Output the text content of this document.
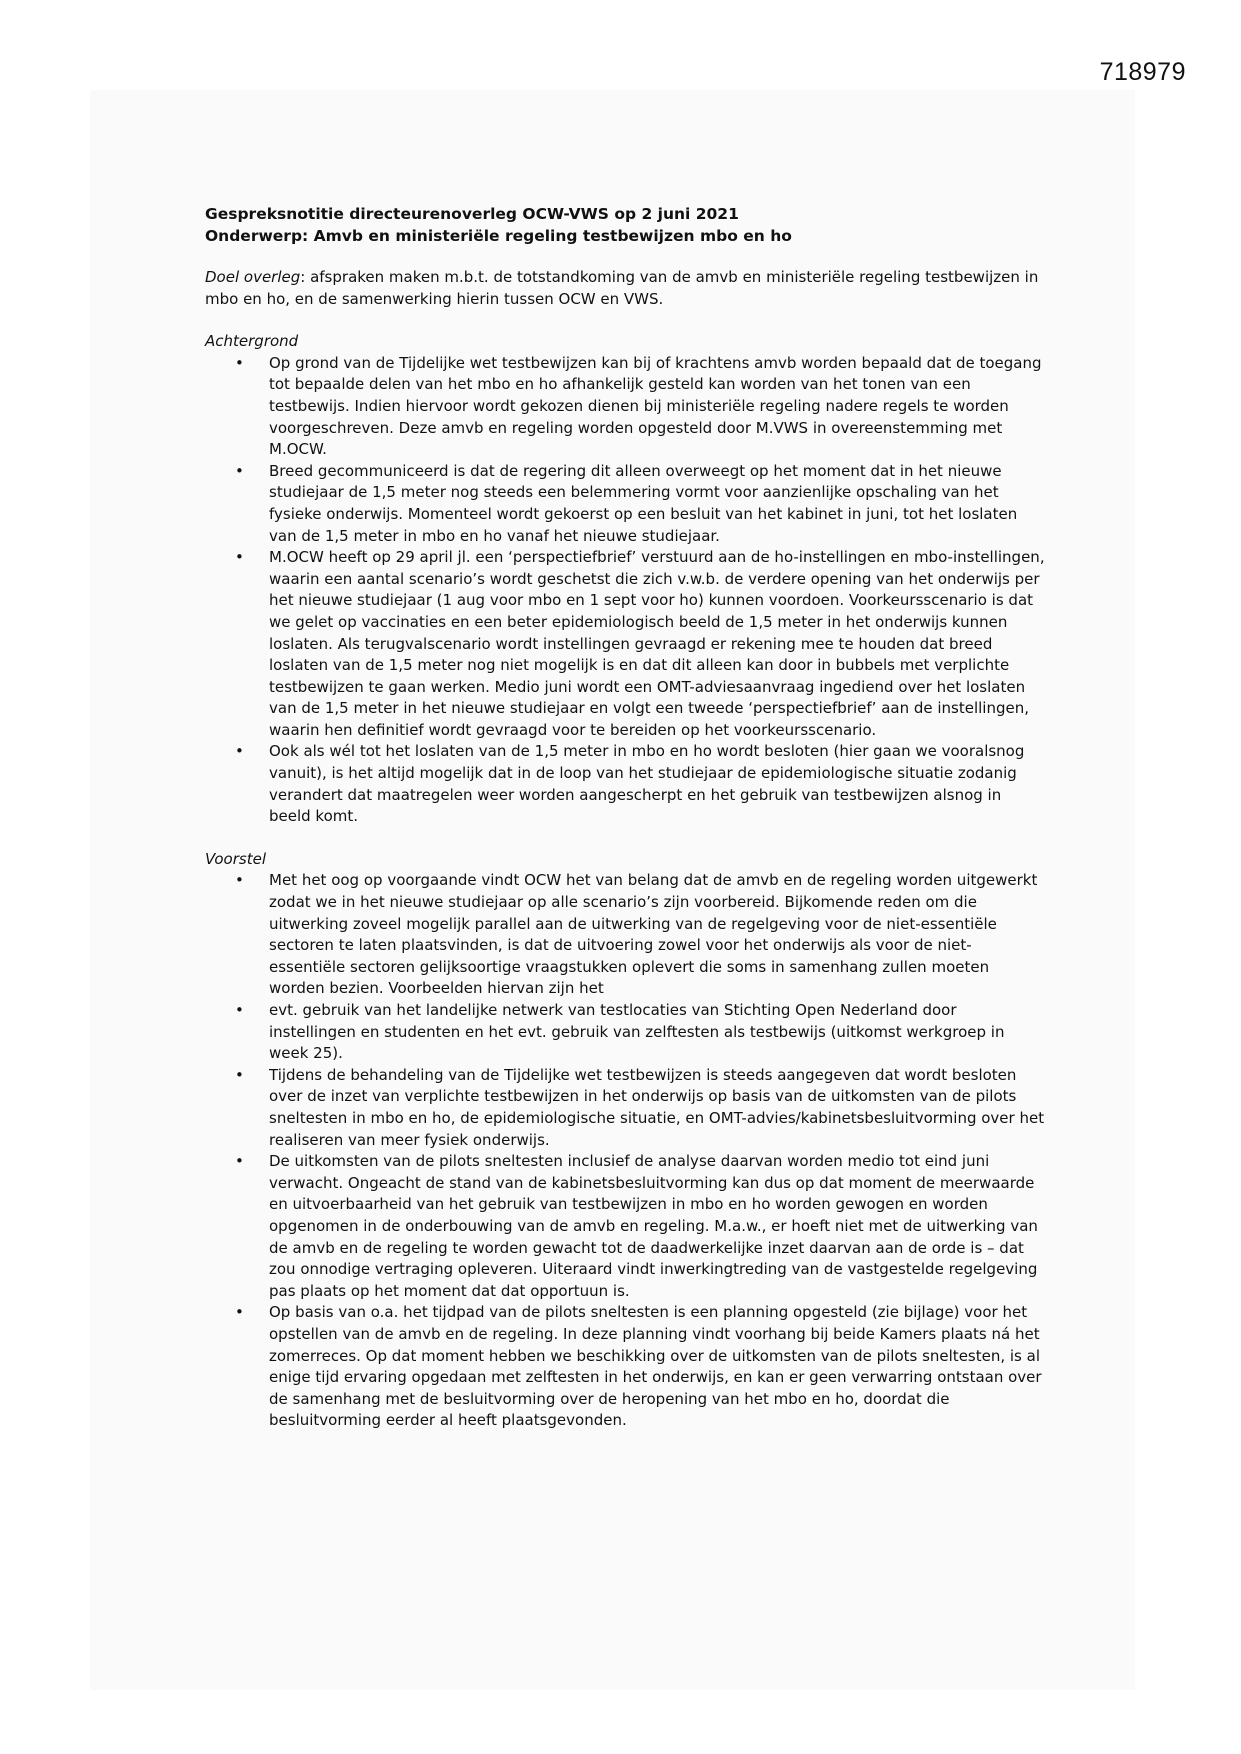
718979

Gespreksnotitie directeurenoverleg OCW-VWS op 2 juni 2021

Onderwerp: Amvb en ministeriële regeling testbewijzen mbo en ho

Doel overleg: afspraken maken m.b.t. de totstandkoming van de amvb en ministeriële regeling testbewijzen in mbo en ho, en de samenwerking hierin tussen OCW en VWS.

Achtergrond

• Op grond van de Tijdelijke wet testbewijzen kan bij of krachtens amvb worden bepaald dat de toegang tot bepaalde delen van het mbo en ho afhankelijk gesteld kan worden van het tonen van een testbewijs. Indien hiervoor wordt gekozen dienen bij ministeriële regeling nadere regels te worden voorgeschreven. Deze amvb en regeling worden opgesteld door M.VWS in overeenstemming met M.OCW.
• Breed gecommuniceerd is dat de regering dit alleen overweegt op het moment dat in het nieuwe studiejaar de 1,5 meter nog steeds een belemmering vormt voor aanzienlijke opschaling van het fysieke onderwijs. Momenteel wordt gekoerst op een besluit van het kabinet in juni, tot het loslaten van de 1,5 meter in mbo en ho vanaf het nieuwe studiejaar.
• M.OCW heeft op 29 april jl. een ‘perspectiefbrief’ verstuurd aan de ho-instellingen en mbo-instellingen, waarin een aantal scenario’s wordt geschetst die zich v.w.b. de verdere opening van het onderwijs per het nieuwe studiejaar (1 aug voor mbo en 1 sept voor ho) kunnen voordoen. Voorkeursscenario is dat we gelet op vaccinaties en een beter epidemiologisch beeld de 1,5 meter in het onderwijs kunnen loslaten. Als terugvalscenario wordt instellingen gevraagd er rekening mee te houden dat breed loslaten van de 1,5 meter nog niet mogelijk is en dat dit alleen kan door in bubbels met verplichte testbewijzen te gaan werken. Medio juni wordt een OMT-adviesaanvraag ingediend over het loslaten van de 1,5 meter in het nieuwe studiejaar en volgt een tweede ‘perspectiefbrief’ aan de instellingen, waarin hen definitief wordt gevraagd voor te bereiden op het voorkeursscenario.
• Ook als wél tot het loslaten van de 1,5 meter in mbo en ho wordt besloten (hier gaan we vooralsnog vanuit), is het altijd mogelijk dat in de loop van het studiejaar de epidemiologische situatie zodanig verandert dat maatregelen weer worden aangescherpt en het gebruik van testbewijzen alsnog in beeld komt.

Voorstel

• Met het oog op voorgaande vindt OCW het van belang dat de amvb en de regeling worden uitgewerkt zodat we in het nieuwe studiejaar op alle scenario’s zijn voorbereid. Bijkomende reden om die uitwerking zoveel mogelijk parallel aan de uitwerking van de regelgeving voor de niet-essentiële sectoren te laten plaatsvinden, is dat de uitvoering zowel voor het onderwijs als voor de niet-essentiële sectoren gelijksoortige vraagstukken oplevert die soms in samenhang zullen moeten worden bezien. Voorbeelden hiervan zijn het
• evt. gebruik van het landelijke netwerk van testlocaties van Stichting Open Nederland door instellingen en studenten en het evt. gebruik van zelftesten als testbewijs (uitkomst werkgroep in week 25).
• Tijdens de behandeling van de Tijdelijke wet testbewijzen is steeds aangegeven dat wordt besloten over de inzet van verplichte testbewijzen in het onderwijs op basis van de uitkomsten van de pilots sneltesten in mbo en ho, de epidemiologische situatie, en OMT-advies/kabinetsbesluitvorming over het realiseren van meer fysiek onderwijs.
• De uitkomsten van de pilots sneltesten inclusief de analyse daarvan worden medio tot eind juni verwacht. Ongeacht de stand van de kabinetsbesluitvorming kan dus op dat moment de meerwaarde en uitvoerbaarheid van het gebruik van testbewijzen in mbo en ho worden gewogen en worden opgenomen in de onderbouwing van de amvb en regeling. M.a.w., er hoeft niet met de uitwerking van de amvb en de regeling te worden gewacht tot de daadwerkelijke inzet daarvan aan de orde is – dat zou onnodige vertraging opleveren. Uiteraard vindt inwerkingtreding van de vastgestelde regelgeving pas plaats op het moment dat dat opportuun is.
• Op basis van o.a. het tijdpad van de pilots sneltesten is een planning opgesteld (zie bijlage) voor het opstellen van de amvb en de regeling. In deze planning vindt voorhang bij beide Kamers plaats ná het zomerreces. Op dat moment hebben we beschikking over de uitkomsten van de pilots sneltesten, is al enige tijd ervaring opgedaan met zelftesten in het onderwijs, en kan er geen verwarring ontstaan over de samenhang met de besluitvorming over de heropening van het mbo en ho, doordat die besluitvorming eerder al heeft plaatsgevonden.
